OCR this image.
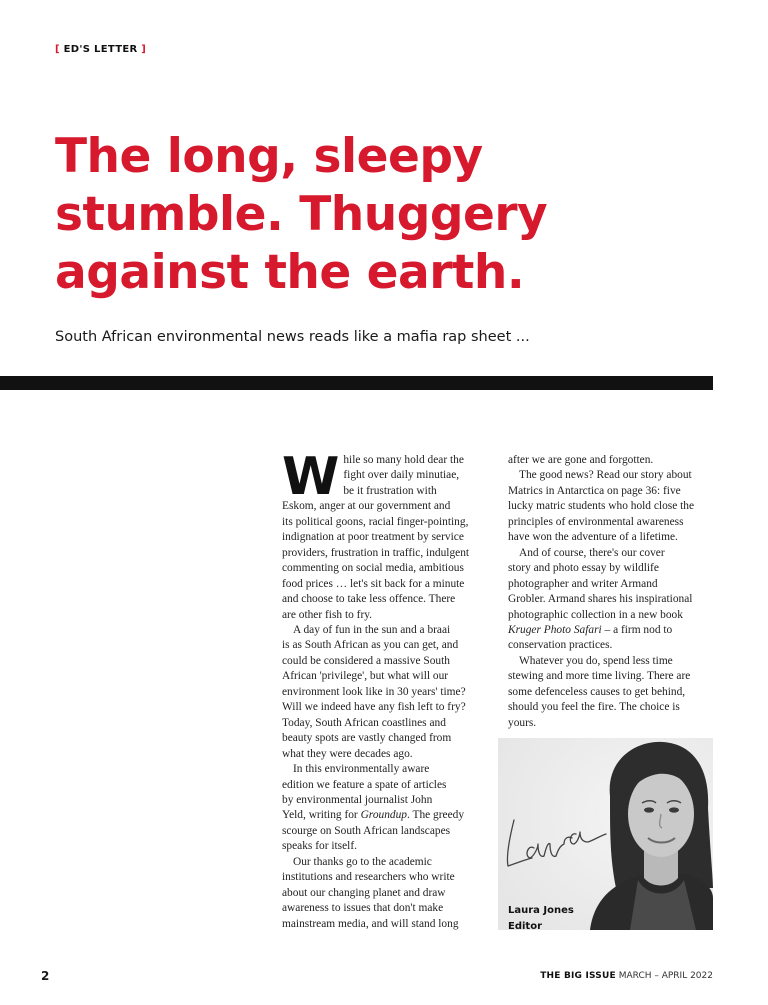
[ ED'S LETTER ]
The long, sleepy
stumble. Thuggery
against the earth.
South African environmental news reads like a mafia rap sheet ...
W hile so many hold dear the
fight over daily minutiae,
be it frustration with
Eskom, anger at our government and
its political goons, racial finger-pointing,
indignation at poor treatment by service
providers, frustration in traffic, indulgent
commenting on social media, ambitious
food prices … let's sit back for a minute
and choose to take less offence. There
are other fish to fry.
A day of fun in the sun and a braai
is as South African as you can get, and
could be considered a massive South
African 'privilege', but what will our
environment look like in 30 years' time?
Will we indeed have any fish left to fry?
Today, South African coastlines and
beauty spots are vastly changed from
what they were decades ago.
In this environmentally aware
edition we feature a spate of articles
by environmental journalist John
Yeld, writing for Groundup. The greedy
scourge on South African landscapes
speaks for itself.
Our thanks go to the academic
institutions and researchers who write
about our changing planet and draw
awareness to issues that don't make
mainstream media, and will stand long
after we are gone and forgotten.
The good news? Read our story about
Matrics in Antarctica on page 36: five
lucky matric students who hold close the
principles of environmental awareness
have won the adventure of a lifetime.
And of course, there's our cover
story and photo essay by wildlife
photographer and writer Armand
Grobler. Armand shares his inspirational
photographic collection in a new book
Kruger Photo Safari – a firm nod to
conservation practices.
Whatever you do, spend less time
stewing and more time living. There are
some defenceless causes to get behind,
should you feel the fire. The choice is
yours.

Laura Jones
Editor
2	THE BIG ISSUE MARCH – APRIL 2022
